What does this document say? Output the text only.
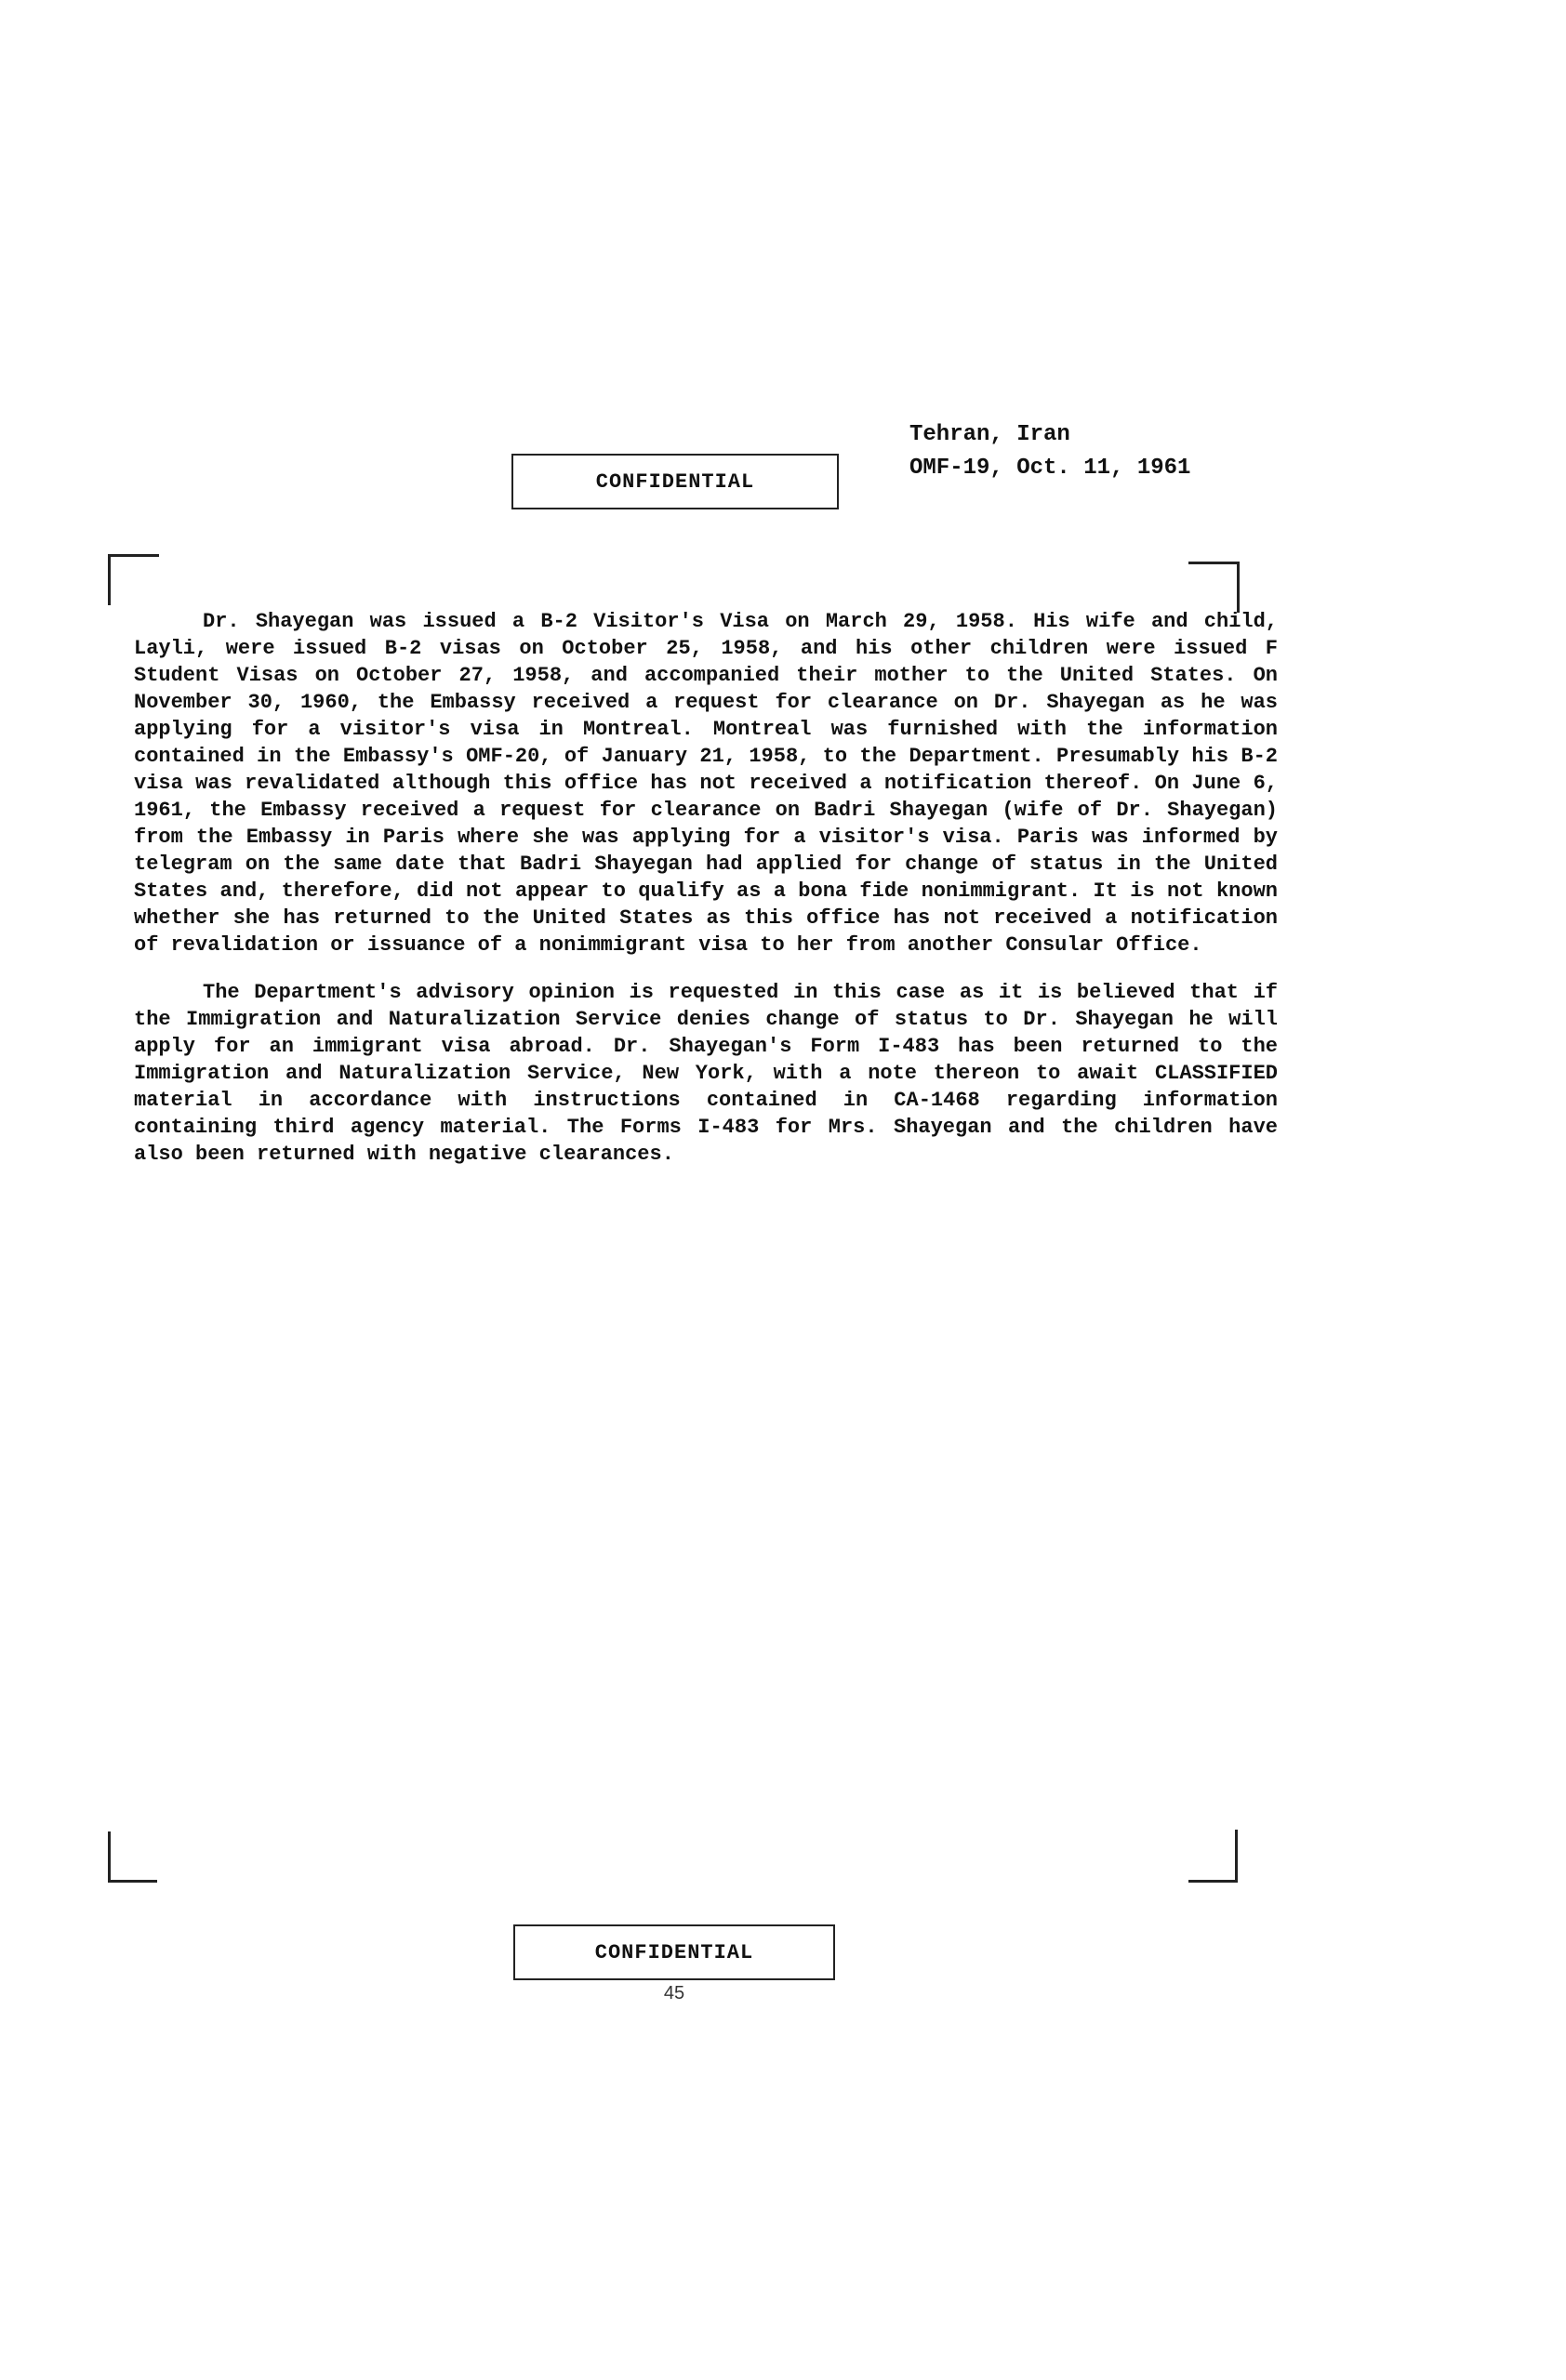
Tehran, Iran
OMF-19, Oct. 11, 1961
CONFIDENTIAL

Dr. Shayegan was issued a B-2 Visitor's Visa on March 29, 1958. His wife and child, Layli, were issued B-2 visas on October 25, 1958, and his other children were issued F Student Visas on October 27, 1958, and accompanied their mother to the United States. On November 30, 1960, the Embassy received a request for clearance on Dr. Shayegan as he was applying for a visitor's visa in Montreal. Montreal was furnished with the information contained in the Embassy's OMF-20, of January 21, 1958, to the Department. Presumably his B-2 visa was revalidated although this office has not received a notification thereof. On June 6, 1961, the Embassy received a request for clearance on Badri Shayegan (wife of Dr. Shayegan) from the Embassy in Paris where she was applying for a visitor's visa. Paris was informed by telegram on the same date that Badri Shayegan had applied for change of status in the United States and, therefore, did not appear to qualify as a bona fide nonimmigrant. It is not known whether she has returned to the United States as this office has not received a notification of revalidation or issuance of a nonimmigrant visa to her from another Consular Office.

The Department's advisory opinion is requested in this case as it is believed that if the Immigration and Naturalization Service denies change of status to Dr. Shayegan he will apply for an immigrant visa abroad. Dr. Shayegan's Form I-483 has been returned to the Immigration and Naturalization Service, New York, with a note thereon to await CLASSIFIED material in accordance with instructions contained in CA-1468 regarding information containing third agency material. The Forms I-483 for Mrs. Shayegan and the children have also been returned with negative clearances.

CONFIDENTIAL
45
